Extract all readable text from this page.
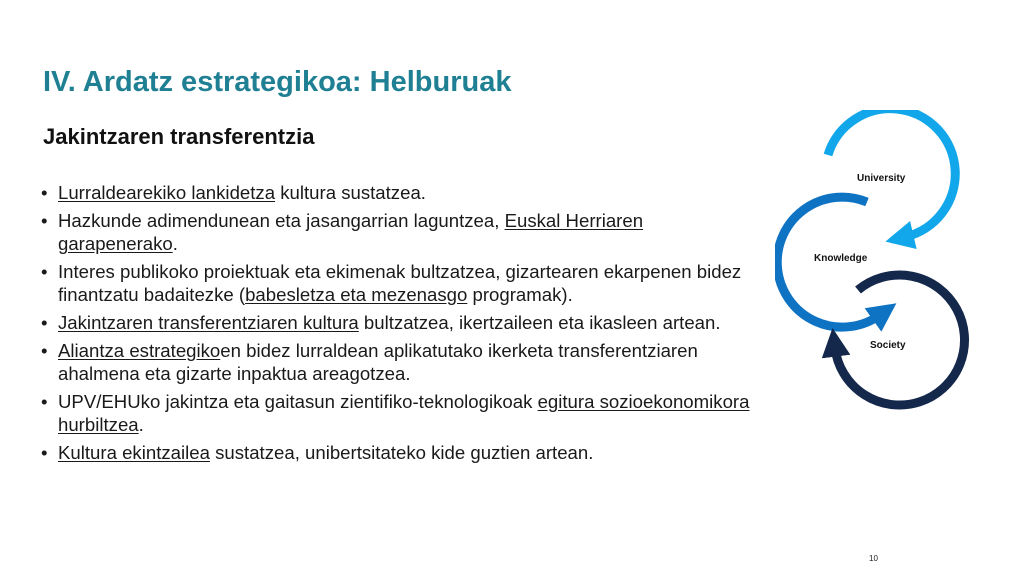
IV. Ardatz estrategikoa: Helburuak
Jakintzaren transferentzia
• Lurraldearekiko lankidetza kultura sustatzea.
• Hazkunde adimendunean eta jasangarrian laguntzea, Euskal Herriaren garapenerako.
• Interes publikoko proiektuak eta ekimenak bultzatzea, gizartearen ekarpenen bidez finantzatu badaitezke (babesletza eta mezenasgo programak).
• Jakintzaren transferentziaren kultura bultzatzea, ikertzaileen eta ikasleen artean.
• Aliantza estrategikoen bidez lurraldean aplikatutako ikerketa transferentziaren ahalmena eta gizarte inpaktua areagotzea.
• UPV/EHUko jakintza eta gaitasun zientifiko-teknologikoak egitura sozioekonomikora hurbiltzea.
• Kultura ekintzailea sustatzea, unibertsitateko kide guztien artean.
University
Knowledge
Society
10
